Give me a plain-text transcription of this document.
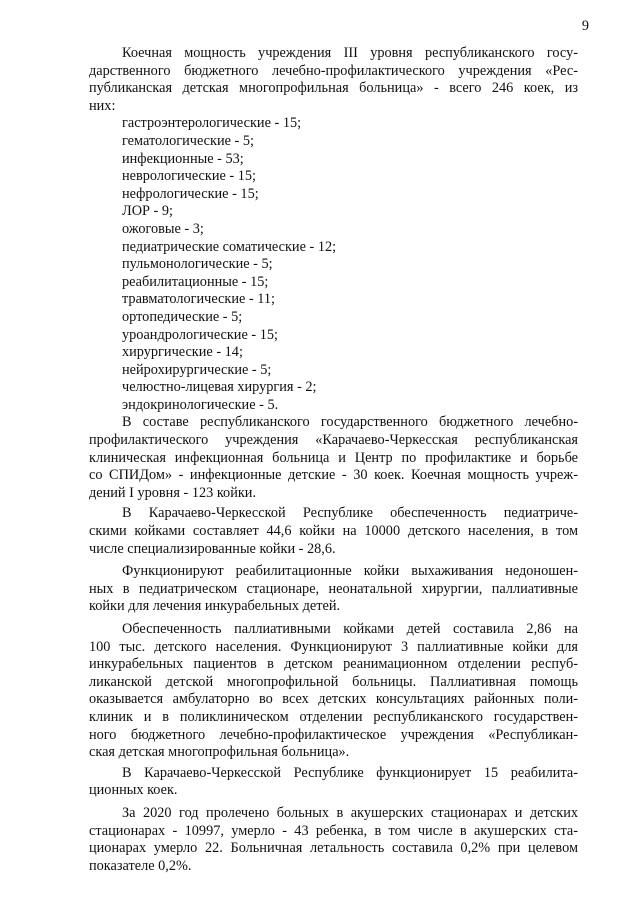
9

Коечная мощность учреждения III уровня республиканского госу-
дарственного бюджетного лечебно-профилактического учреждения «Рес-
публиканская детская многопрофильная больница» - всего 246 коек, из
них:

гастроэнтерологические - 15;
гематологические - 5;
инфекционные - 53;
неврологические - 15;
нефрологические - 15;
ЛОР - 9;
ожоговые - 3;
педиатрические соматические - 12;
пульмонологические - 5;
реабилитационные - 15;
травматологические - 11;
ортопедические - 5;
уроандрологические - 15;
хирургические - 14;
нейрохирургические - 5;
челюстно-лицевая хирургия - 2;
эндокринологические - 5.

В составе республиканского государственного бюджетного лечебно-
профилактического учреждения «Карачаево-Черкесская республиканская
клиническая инфекционная больница и Центр по профилактике и борьбе
со СПИДом» - инфекционные детские - 30 коек. Коечная мощность учреж-
дений I уровня - 123 койки.

В Карачаево-Черкесской Республике обеспеченность педиатриче-
скими койками составляет 44,6 койки на 10000 детского населения, в том
числе специализированные койки - 28,6.

Функционируют реабилитационные койки выхаживания недоношен-
ных в педиатрическом стационаре, неонатальной хирургии, паллиативные
койки для лечения инкурабельных детей.

Обеспеченность паллиативными койками детей составила 2,86 на
100 тыс. детского населения. Функционируют 3 паллиативные койки для
инкурабельных пациентов в детском реанимационном отделении респуб-
ликанской детской многопрофильной больницы. Паллиативная помощь
оказывается амбулаторно во всех детских консультациях районных поли-
клиник и в поликлиническом отделении республиканского государствен-
ного бюджетного лечебно-профилактическое учреждения «Республикан-
ская детская многопрофильная больница».

В Карачаево-Черкесской Республике функционирует 15 реабилита-
ционных коек.

За 2020 год пролечено больных в акушерских стационарах и детских
стационарах - 10997, умерло - 43 ребенка, в том числе в акушерских ста-
ционарах умерло 22. Больничная летальность составила 0,2% при целевом
показателе 0,2%.
